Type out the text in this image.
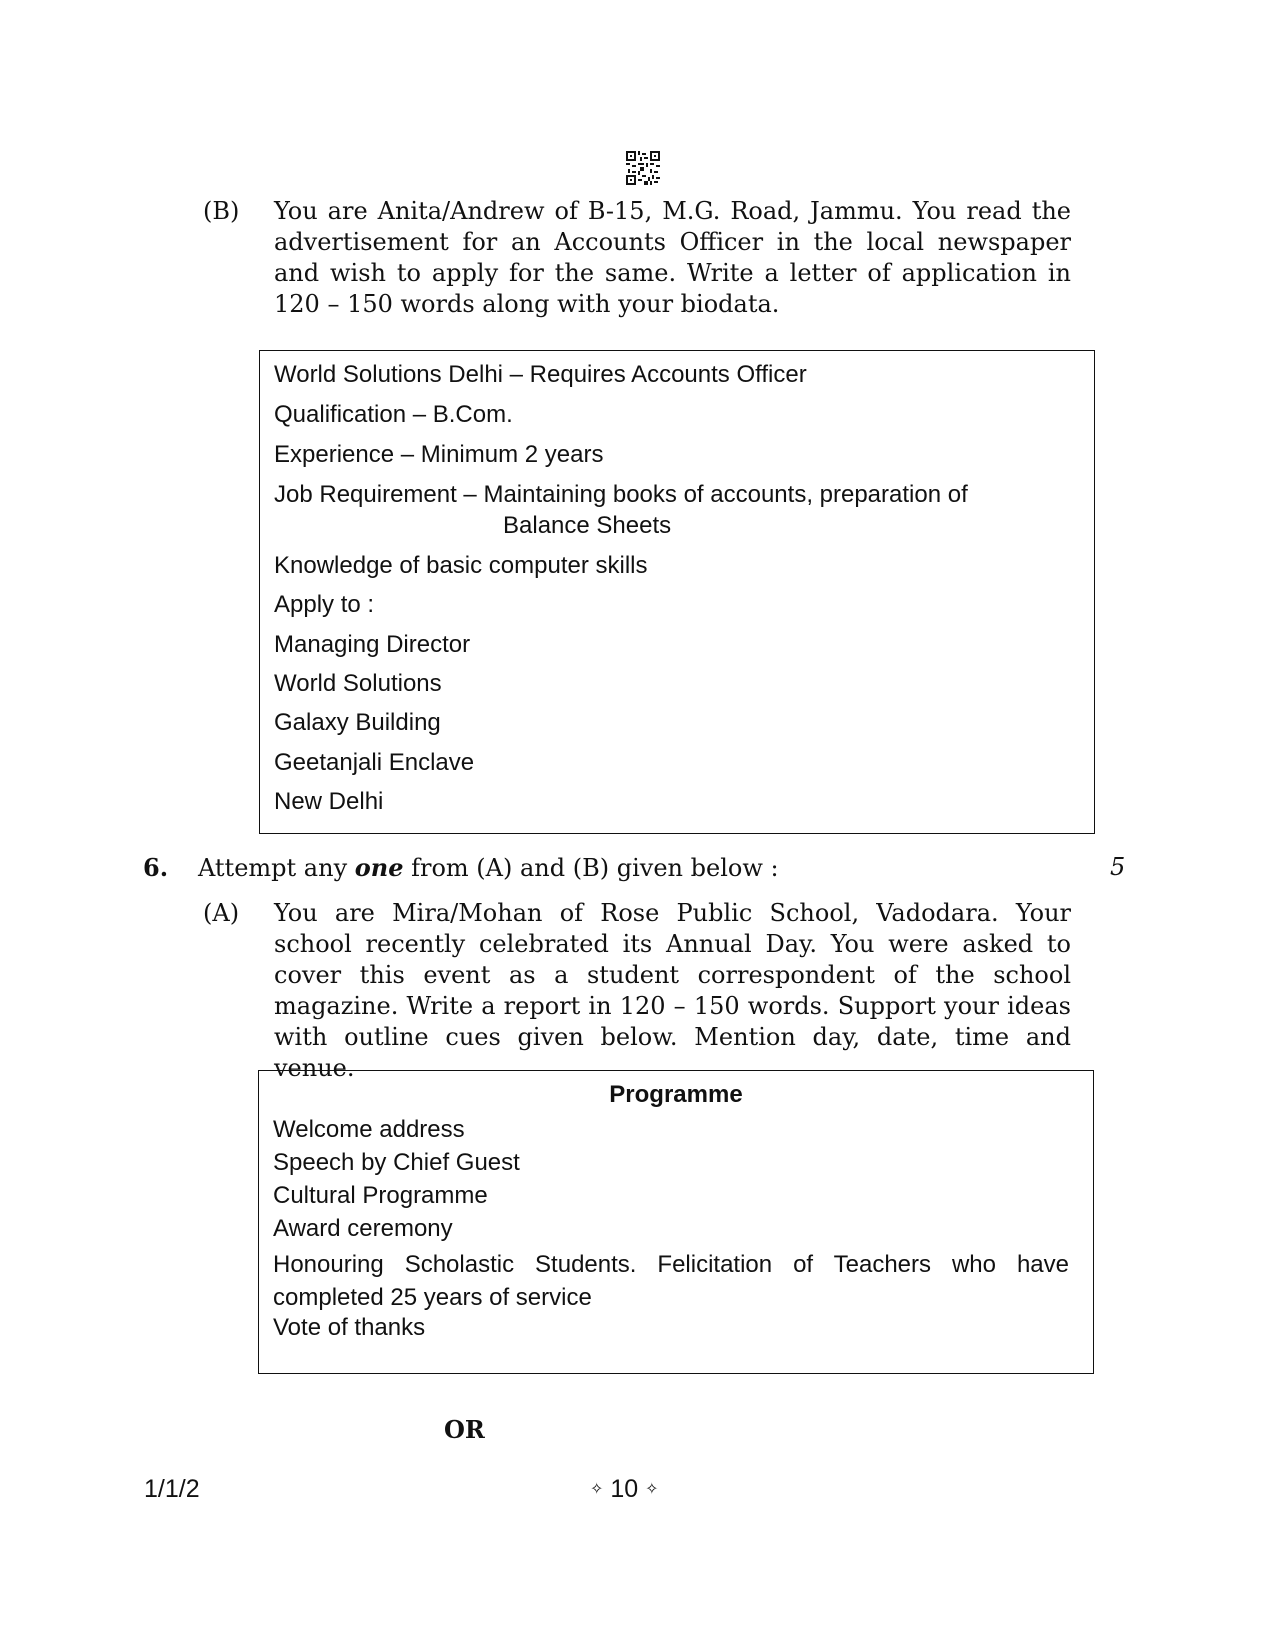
(B) You are Anita/Andrew of B-15, M.G. Road, Jammu. You read the advertisement for an Accounts Officer in the local newspaper and wish to apply for the same. Write a letter of application in 120 – 150 words along with your biodata.
World Solutions Delhi – Requires Accounts Officer
Qualification – B.Com.
Experience – Minimum 2 years
Job Requirement – Maintaining books of accounts, preparation of
Balance Sheets
Knowledge of basic computer skills
Apply to :
Managing Director
World Solutions
Galaxy Building
Geetanjali Enclave
New Delhi
6. Attempt any one from (A) and (B) given below :	5
(A) You are Mira/Mohan of Rose Public School, Vadodara. Your school recently celebrated its Annual Day. You were asked to cover this event as a student correspondent of the school magazine. Write a report in 120 – 150 words. Support your ideas with outline cues given below. Mention day, date, time and venue.
Programme
Welcome address
Speech by Chief Guest
Cultural Programme
Award ceremony
Honouring Scholastic Students. Felicitation of Teachers who have completed 25 years of service
Vote of thanks
OR
1/1/2	✧ 10 ✧
